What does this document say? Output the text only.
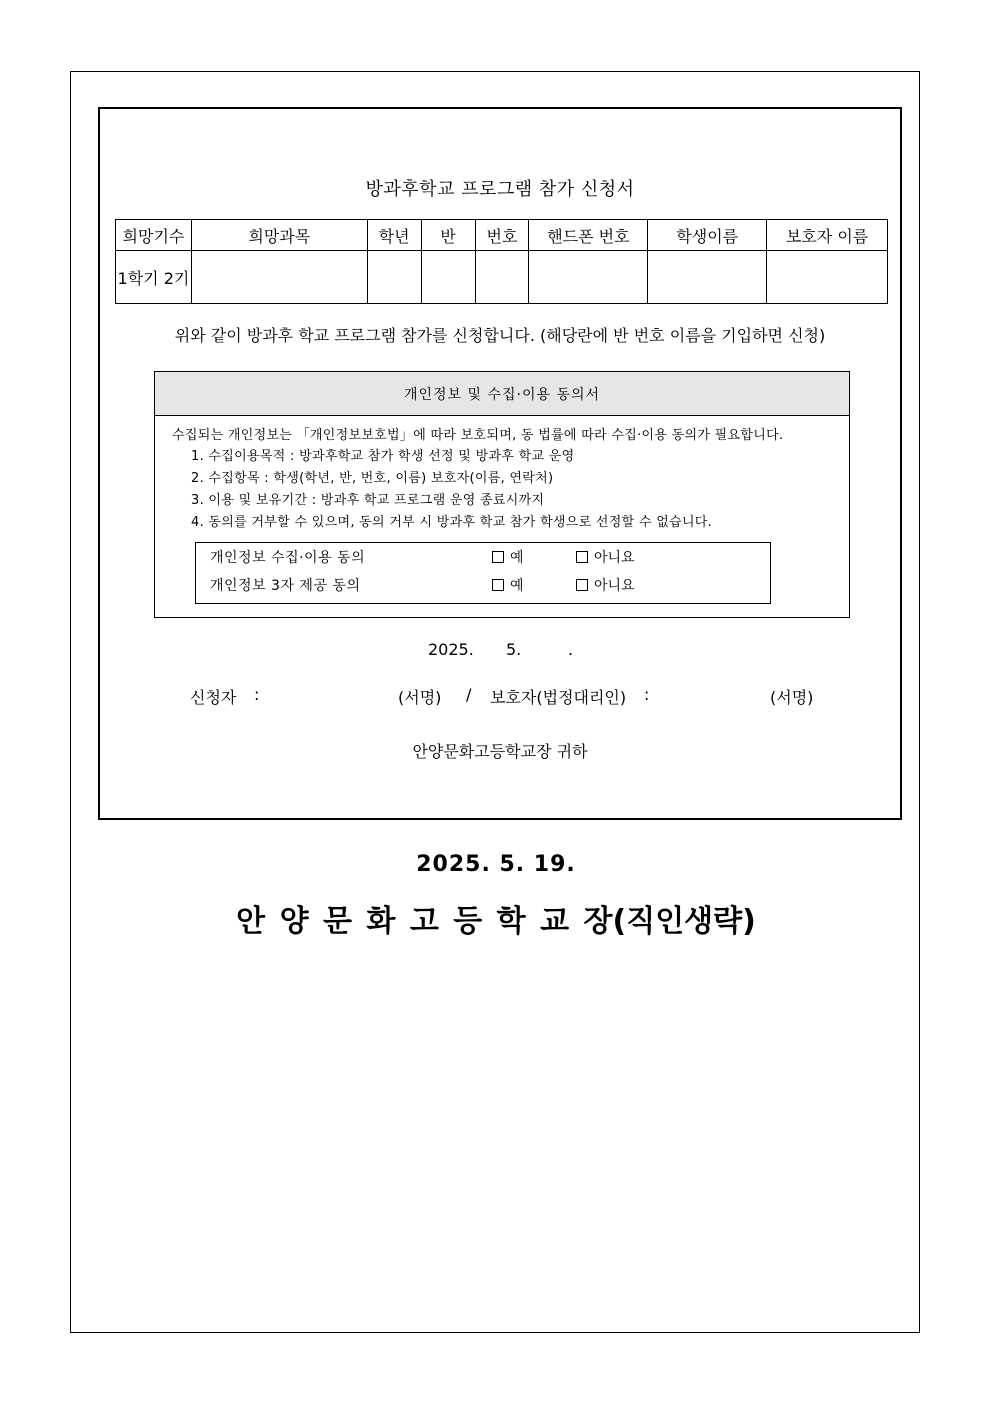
방과후학교 프로그램 참가 신청서
희망기수	희망과목	학년	반	번호	핸드폰 번호	학생이름	보호자 이름
1학기 2기							
위와 같이 방과후 학교 프로그램 참가를 신청합니다. (해당란에 반 번호 이름을 기입하면 신청)
개인정보 및 수집·이용 동의서
수집되는 개인정보는 「개인정보보호법」에 따라 보호되며, 동 법률에 따라 수집·이용 동의가 필요합니다.
1. 수집이용목적 : 방과후학교 참가 학생 선정 및 방과후 학교 운영
2. 수집항목 : 학생(학년, 반, 번호, 이름) 보호자(이름, 연락처)
3. 이용 및 보유기간 : 방과후 학교 프로그램 운영 종료시까지
4. 동의를 거부할 수 있으며, 동의 거부 시 방과후 학교 참가 학생으로 선정할 수 없습니다.
개인정보 수집·이용 동의	예	아니요
개인정보 3자 제공 동의	예	아니요
2025. 5.	.
신청자 :	(서명) / 보호자(법정대리인) :	(서명)
안양문화고등학교장 귀하
2025. 5. 19.
안 양 문 화 고 등 학 교 장(직인생략)
